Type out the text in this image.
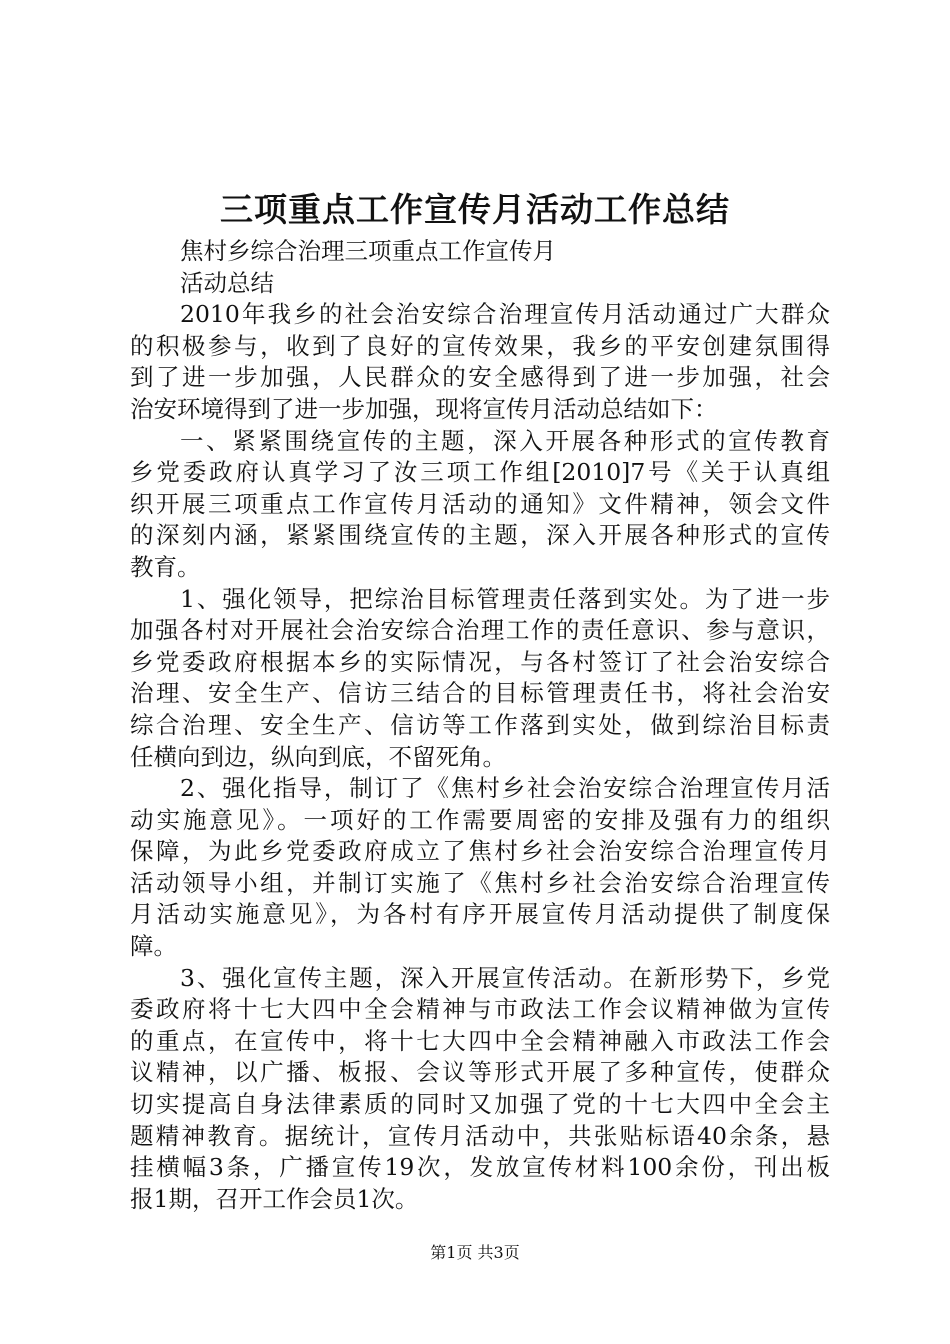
三项重点工作宣传月活动工作总结
焦村乡综合治理三项重点工作宣传月
活动总结
2010年我乡的社会治安综合治理宣传月活动通过广大群众
的积极参与，收到了良好的宣传效果，我乡的平安创建氛围得
到了进一步加强，人民群众的安全感得到了进一步加强，社会
治安环境得到了进一步加强，现将宣传月活动总结如下：
一、紧紧围绕宣传的主题，深入开展各种形式的宣传教育
乡党委政府认真学习了汝三项工作组[2010]7号《关于认真组
织开展三项重点工作宣传月活动的通知》文件精神，领会文件
的深刻内涵，紧紧围绕宣传的主题，深入开展各种形式的宣传
教育。
1、强化领导，把综治目标管理责任落到实处。为了进一步
加强各村对开展社会治安综合治理工作的责任意识、参与意识，
乡党委政府根据本乡的实际情况，与各村签订了社会治安综合
治理、安全生产、信访三结合的目标管理责任书，将社会治安
综合治理、安全生产、信访等工作落到实处，做到综治目标责
任横向到边，纵向到底，不留死角。
2、强化指导，制订了《焦村乡社会治安综合治理宣传月活
动实施意见》。一项好的工作需要周密的安排及强有力的组织
保障，为此乡党委政府成立了焦村乡社会治安综合治理宣传月
活动领导小组，并制订实施了《焦村乡社会治安综合治理宣传
月活动实施意见》，为各村有序开展宣传月活动提供了制度保
障。
3、强化宣传主题，深入开展宣传活动。在新形势下，乡党
委政府将十七大四中全会精神与市政法工作会议精神做为宣传
的重点，在宣传中，将十七大四中全会精神融入市政法工作会
议精神，以广播、板报、会议等形式开展了多种宣传，使群众
切实提高自身法律素质的同时又加强了党的十七大四中全会主
题精神教育。据统计，宣传月活动中，共张贴标语40余条，悬
挂横幅3条，广播宣传19次，发放宣传材料100余份，刊出板
报1期，召开工作会员1次。
第1页 共3页
